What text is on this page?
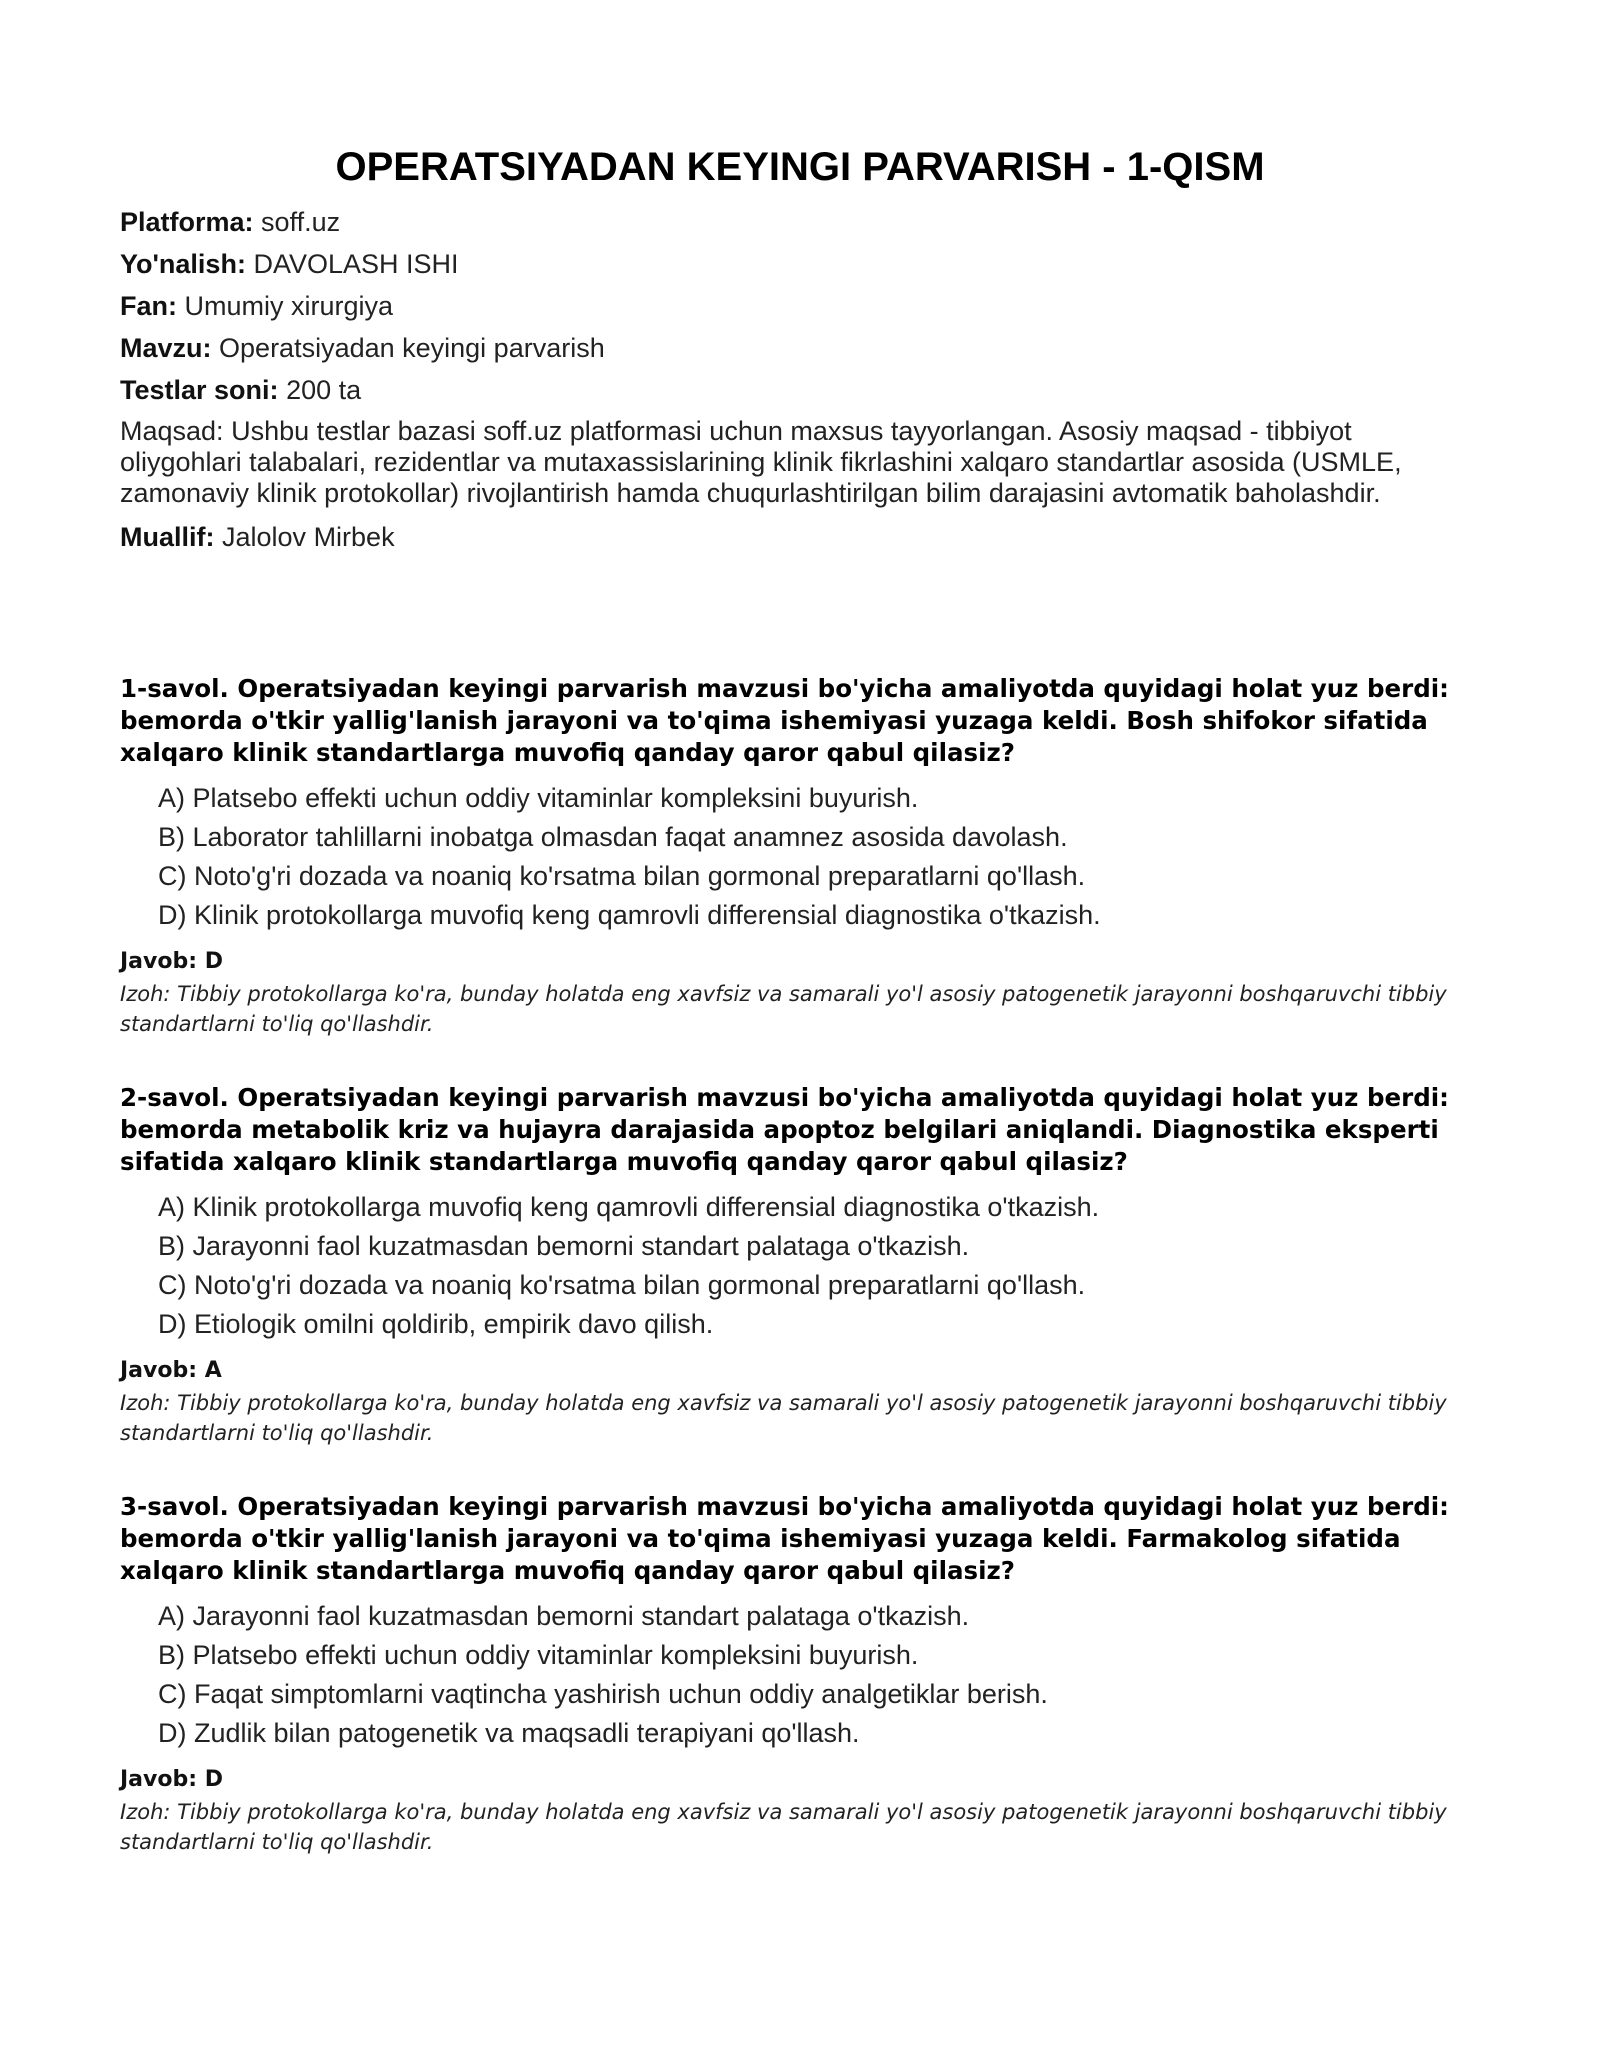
OPERATSIYADAN KEYINGI PARVARISH - 1-QISM
Platforma: soff.uz
Yo'nalish: DAVOLASH ISHI
Fan: Umumiy xirurgiya
Mavzu: Operatsiyadan keyingi parvarish
Testlar soni: 200 ta
Maqsad: Ushbu testlar bazasi soff.uz platformasi uchun maxsus tayyorlangan. Asosiy maqsad - tibbiyot oliygohlari talabalari, rezidentlar va mutaxassislarining klinik fikrlashini xalqaro standartlar asosida (USMLE, zamonaviy klinik protokollar) rivojlantirish hamda chuqurlashtirilgan bilim darajasini avtomatik baholashdir.
Muallif: Jalolov Mirbek

1-savol. Operatsiyadan keyingi parvarish mavzusi bo'yicha amaliyotda quyidagi holat yuz berdi: bemorda o'tkir yallig'lanish jarayoni va to'qima ishemiyasi yuzaga keldi. Bosh shifokor sifatida xalqaro klinik standartlarga muvofiq qanday qaror qabul qilasiz?

A) Platsebo effekti uchun oddiy vitaminlar kompleksini buyurish.
B) Laborator tahlillarni inobatga olmasdan faqat anamnez asosida davolash.
C) Noto'g'ri dozada va noaniq ko'rsatma bilan gormonal preparatlarni qo'llash.
D) Klinik protokollarga muvofiq keng qamrovli differensial diagnostika o'tkazish.
Javob: D
Izoh: Tibbiy protokollarga ko'ra, bunday holatda eng xavfsiz va samarali yo'l asosiy patogenetik jarayonni boshqaruvchi tibbiy standartlarni to'liq qo'llashdir.

2-savol. Operatsiyadan keyingi parvarish mavzusi bo'yicha amaliyotda quyidagi holat yuz berdi: bemorda metabolik kriz va hujayra darajasida apoptoz belgilari aniqlandi. Diagnostika eksperti sifatida xalqaro klinik standartlarga muvofiq qanday qaror qabul qilasiz?

A) Klinik protokollarga muvofiq keng qamrovli differensial diagnostika o'tkazish.
B) Jarayonni faol kuzatmasdan bemorni standart palataga o'tkazish.
C) Noto'g'ri dozada va noaniq ko'rsatma bilan gormonal preparatlarni qo'llash.
D) Etiologik omilni qoldirib, empirik davo qilish.
Javob: A
Izoh: Tibbiy protokollarga ko'ra, bunday holatda eng xavfsiz va samarali yo'l asosiy patogenetik jarayonni boshqaruvchi tibbiy standartlarni to'liq qo'llashdir.

3-savol. Operatsiyadan keyingi parvarish mavzusi bo'yicha amaliyotda quyidagi holat yuz berdi: bemorda o'tkir yallig'lanish jarayoni va to'qima ishemiyasi yuzaga keldi. Farmakolog sifatida xalqaro klinik standartlarga muvofiq qanday qaror qabul qilasiz?

A) Jarayonni faol kuzatmasdan bemorni standart palataga o'tkazish.
B) Platsebo effekti uchun oddiy vitaminlar kompleksini buyurish.
C) Faqat simptomlarni vaqtincha yashirish uchun oddiy analgetiklar berish.
D) Zudlik bilan patogenetik va maqsadli terapiyani qo'llash.
Javob: D
Izoh: Tibbiy protokollarga ko'ra, bunday holatda eng xavfsiz va samarali yo'l asosiy patogenetik jarayonni boshqaruvchi tibbiy standartlarni to'liq qo'llashdir.
